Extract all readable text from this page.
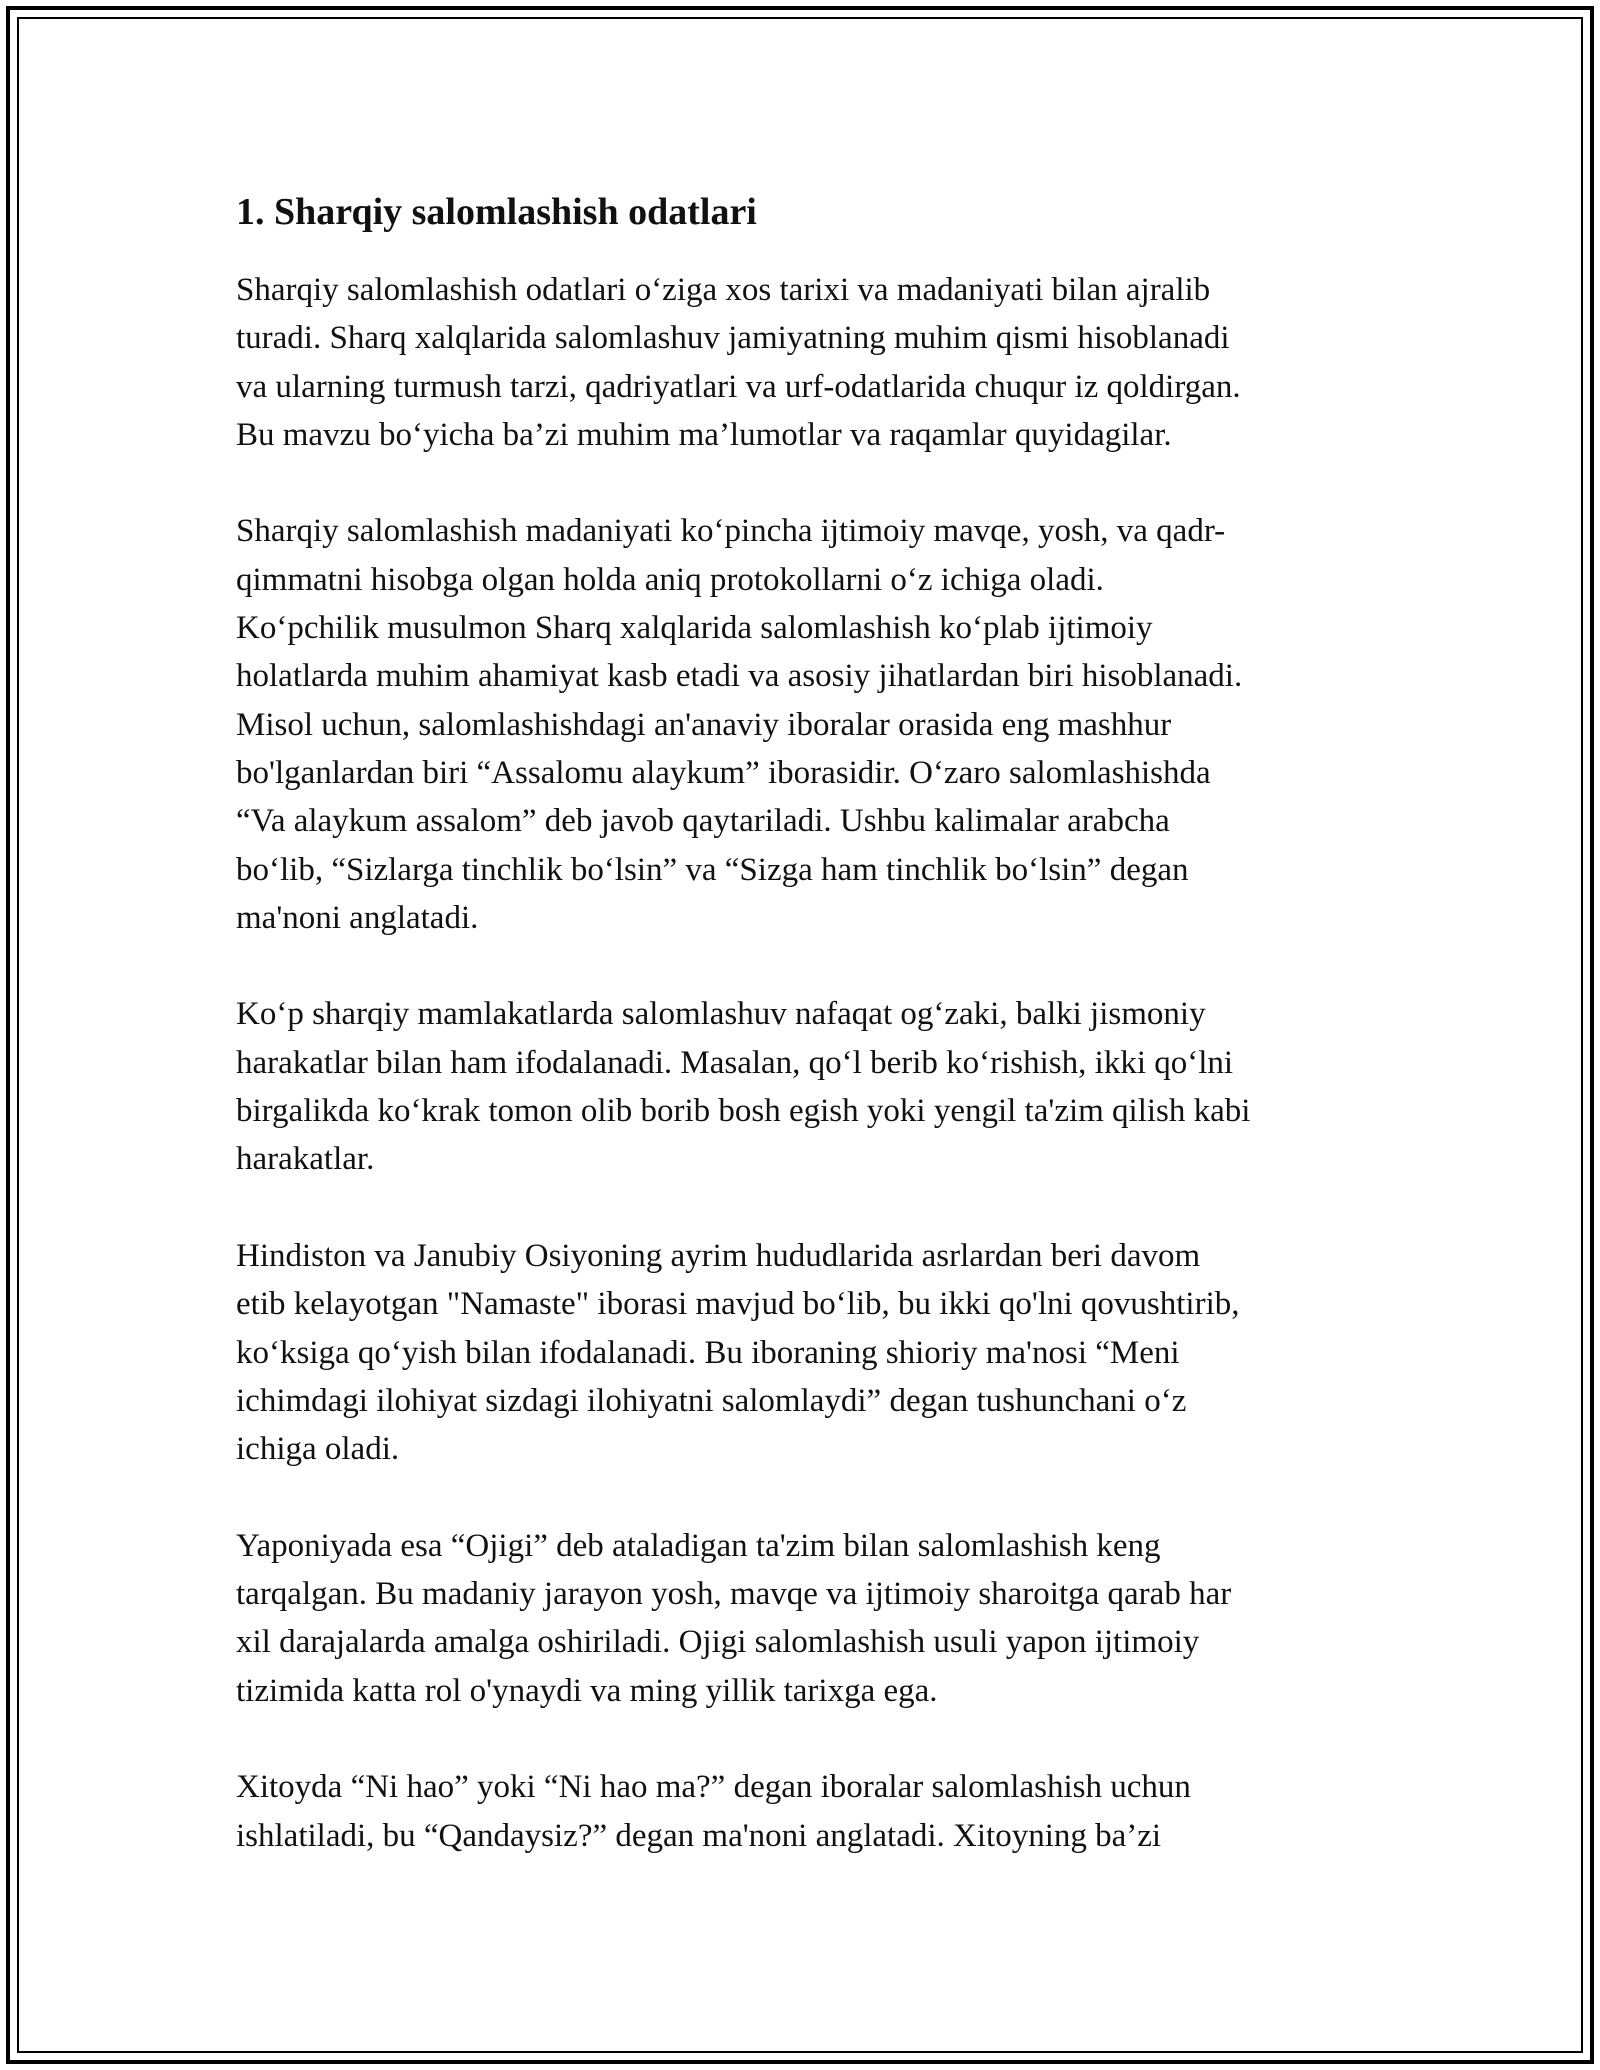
1. Sharqiy salomlashish odatlari

Sharqiy salomlashish odatlari o‘ziga xos tarixi va madaniyati bilan ajralib
turadi. Sharq xalqlarida salomlashuv jamiyatning muhim qismi hisoblanadi
va ularning turmush tarzi, qadriyatlari va urf-odatlarida chuqur iz qoldirgan.
Bu mavzu bo‘yicha ba’zi muhim ma’lumotlar va raqamlar quyidagilar.

Sharqiy salomlashish madaniyati ko‘pincha ijtimoiy mavqe, yosh, va qadr-
qimmatni hisobga olgan holda aniq protokollarni o‘z ichiga oladi.
Ko‘pchilik musulmon Sharq xalqlarida salomlashish ko‘plab ijtimoiy
holatlarda muhim ahamiyat kasb etadi va asosiy jihatlardan biri hisoblanadi.
Misol uchun, salomlashishdagi an'anaviy iboralar orasida eng mashhur
bo'lganlardan biri “Assalomu alaykum” iborasidir. O‘zaro salomlashishda
“Va alaykum assalom” deb javob qaytariladi. Ushbu kalimalar arabcha
bo‘lib, “Sizlarga tinchlik bo‘lsin” va “Sizga ham tinchlik bo‘lsin” degan
ma'noni anglatadi.

Ko‘p sharqiy mamlakatlarda salomlashuv nafaqat og‘zaki, balki jismoniy
harakatlar bilan ham ifodalanadi. Masalan, qo‘l berib ko‘rishish, ikki qo‘lni
birgalikda ko‘krak tomon olib borib bosh egish yoki yengil ta'zim qilish kabi
harakatlar.

Hindiston va Janubiy Osiyoning ayrim hududlarida asrlardan beri davom
etib kelayotgan "Namaste" iborasi mavjud bo‘lib, bu ikki qo'lni qovushtirib,
ko‘ksiga qo‘yish bilan ifodalanadi. Bu iboraning shioriy ma'nosi “Meni
ichimdagi ilohiyat sizdagi ilohiyatni salomlaydi” degan tushunchani o‘z
ichiga oladi.

Yaponiyada esa “Ojigi” deb ataladigan ta'zim bilan salomlashish keng
tarqalgan. Bu madaniy jarayon yosh, mavqe va ijtimoiy sharoitga qarab har
xil darajalarda amalga oshiriladi. Ojigi salomlashish usuli yapon ijtimoiy
tizimida katta rol o'ynaydi va ming yillik tarixga ega.

Xitoyda “Ni hao” yoki “Ni hao ma?” degan iboralar salomlashish uchun
ishlatiladi, bu “Qandaysiz?” degan ma'noni anglatadi. Xitoyning ba’zi
